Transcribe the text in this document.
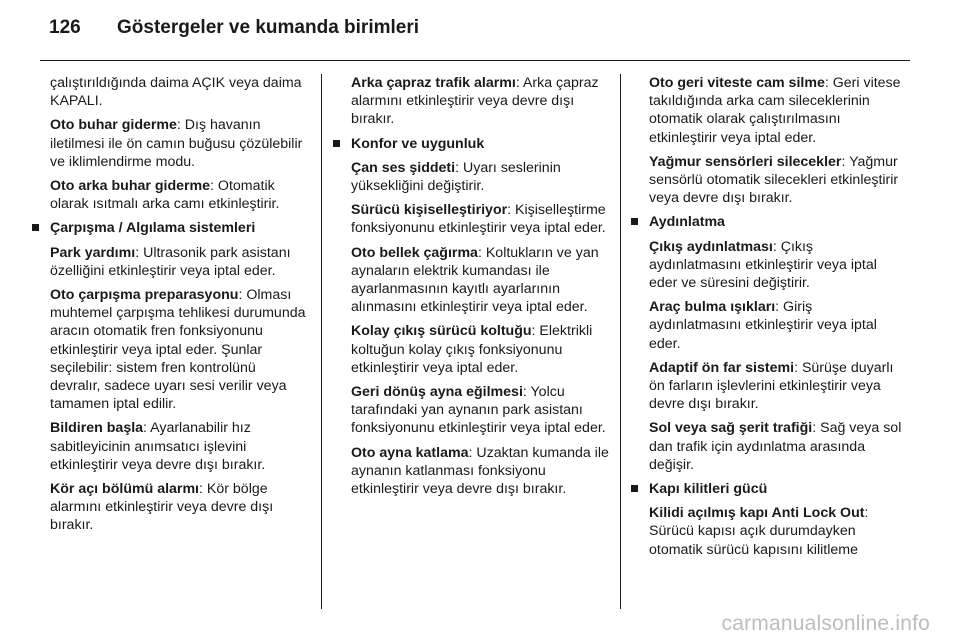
126 Göstergeler ve kumanda birimleri

çalıştırıldığında daima AÇIK veya daima KAPALI.

Oto buhar giderme: Dış havanın iletilmesi ile ön camın buğusu çözülebilir ve iklimlendirme modu.

Oto arka buhar giderme: Otomatik olarak ısıtmalı arka camı etkinleştirir.

Çarpışma / Algılama sistemleri

Park yardımı: Ultrasonik park asistanı özelliğini etkinleştirir veya iptal eder.

Oto çarpışma preparasyonu: Olması muhtemel çarpışma tehlikesi durumunda aracın otomatik fren fonksiyonunu etkinleştirir veya iptal eder. Şunlar seçilebilir: sistem fren kontrolünü devralır, sadece uyarı sesi verilir veya tamamen iptal edilir.

Bildiren başla: Ayarlanabilir hız sabitleyicinin anımsatıcı işlevini etkinleştirir veya devre dışı bırakır.

Kör açı bölümü alarmı: Kör bölge alarmını etkinleştirir veya devre dışı bırakır.

Arka çapraz trafik alarmı: Arka çapraz alarmını etkinleştirir veya devre dışı bırakır.

Konfor ve uygunluk

Çan ses şiddeti: Uyarı seslerinin yüksekliğini değiştirir.

Sürücü kişiselleştiriyor: Kişiselleştirme fonksiyonunu etkinleştirir veya iptal eder.

Oto bellek çağırma: Koltukların ve yan aynaların elektrik kumandası ile ayarlanmasının kayıtlı ayarlarının alınmasını etkinleştirir veya iptal eder.

Kolay çıkış sürücü koltuğu: Elektrikli koltuğun kolay çıkış fonksiyonunu etkinleştirir veya iptal eder.

Geri dönüş ayna eğilmesi: Yolcu tarafındaki yan aynanın park asistanı fonksiyonunu etkinleştirir veya iptal eder.

Oto ayna katlama: Uzaktan kumanda ile aynanın katlanması fonksiyonu etkinleştirir veya devre dışı bırakır.

Oto geri viteste cam silme: Geri vitese takıldığında arka cam sileceklerinin otomatik olarak çalıştırılmasını etkinleştirir veya iptal eder.

Yağmur sensörleri silecekler: Yağmur sensörlü otomatik silecekleri etkinleştirir veya devre dışı bırakır.

Aydınlatma

Çıkış aydınlatması: Çıkış aydınlatmasını etkinleştirir veya iptal eder ve süresini değiştirir.

Araç bulma ışıkları: Giriş aydınlatmasını etkinleştirir veya iptal eder.

Adaptif ön far sistemi: Sürüşe duyarlı ön farların işlevlerini etkinleştirir veya devre dışı bırakır.

Sol veya sağ şerit trafiği: Sağ veya sol dan trafik için aydınlatma arasında değişir.

Kapı kilitleri gücü

Kilidi açılmış kapı Anti Lock Out: Sürücü kapısı açık durumdayken otomatik sürücü kapısını kilitleme

carmanualsonline.info
